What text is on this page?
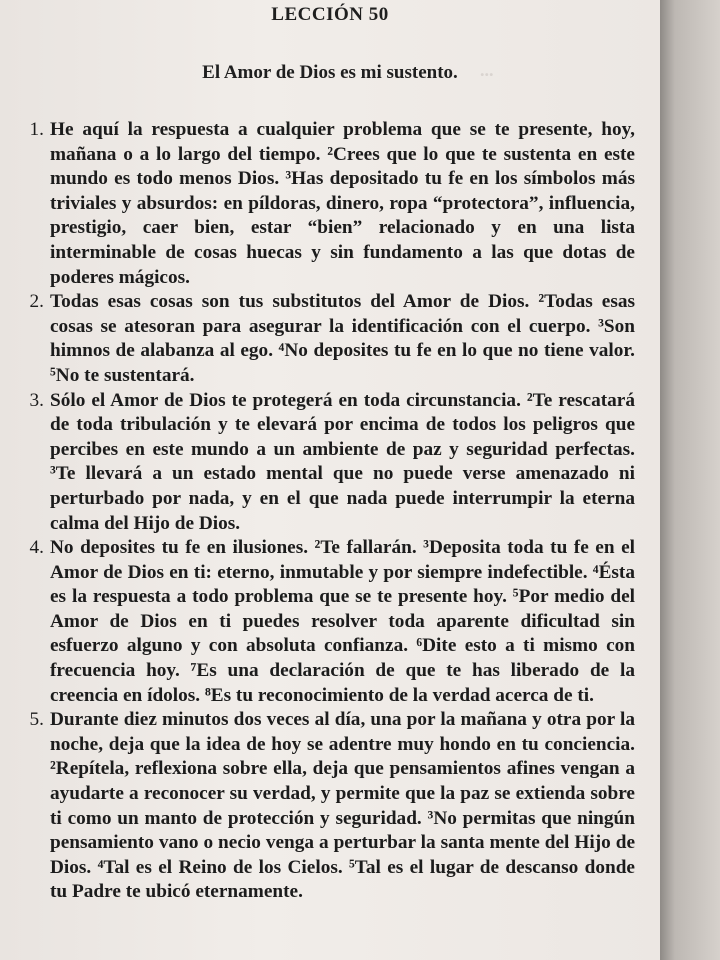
...
LECCIÓN 50
El Amor de Dios es mi sustento.
1. He aquí la respuesta a cualquier problema que se te presente, hoy, mañana o a lo largo del tiempo. ²Crees que lo que te sustenta en este mundo es todo menos Dios. ³Has depositado tu fe en los símbolos más triviales y absurdos: en píldoras, dinero, ropa “protectora”, influencia, prestigio, caer bien, estar “bien” relacionado y en una lista interminable de cosas huecas y sin fundamento a las que dotas de poderes mágicos.
2. Todas esas cosas son tus substitutos del Amor de Dios. ²Todas esas cosas se atesoran para asegurar la identificación con el cuerpo. ³Son himnos de alabanza al ego. ⁴No deposites tu fe en lo que no tiene valor. ⁵No te sustentará.
3. Sólo el Amor de Dios te protegerá en toda circunstancia. ²Te rescatará de toda tribulación y te elevará por encima de todos los peligros que percibes en este mundo a un ambiente de paz y seguridad perfectas. ³Te llevará a un estado mental que no puede verse amenazado ni perturbado por nada, y en el que nada puede interrumpir la eterna calma del Hijo de Dios.
4. No deposites tu fe en ilusiones. ²Te fallarán. ³Deposita toda tu fe en el Amor de Dios en ti: eterno, inmutable y por siempre indefectible. ⁴Ésta es la respuesta a todo problema que se te presente hoy. ⁵Por medio del Amor de Dios en ti puedes resolver toda aparente dificultad sin esfuerzo alguno y con absoluta confianza. ⁶Dite esto a ti mismo con frecuencia hoy. ⁷Es una declaración de que te has liberado de la creencia en ídolos. ⁸Es tu reconocimiento de la verdad acerca de ti.
5. Durante diez minutos dos veces al día, una por la mañana y otra por la noche, deja que la idea de hoy se adentre muy hondo en tu conciencia. ²Repítela, reflexiona sobre ella, deja que pensamientos afines vengan a ayudarte a reconocer su verdad, y permite que la paz se extienda sobre ti como un manto de protección y seguridad. ³No permitas que ningún pensamiento vano o necio venga a perturbar la santa mente del Hijo de Dios. ⁴Tal es el Reino de los Cielos. ⁵Tal es el lugar de descanso donde tu Padre te ubicó eternamente.
